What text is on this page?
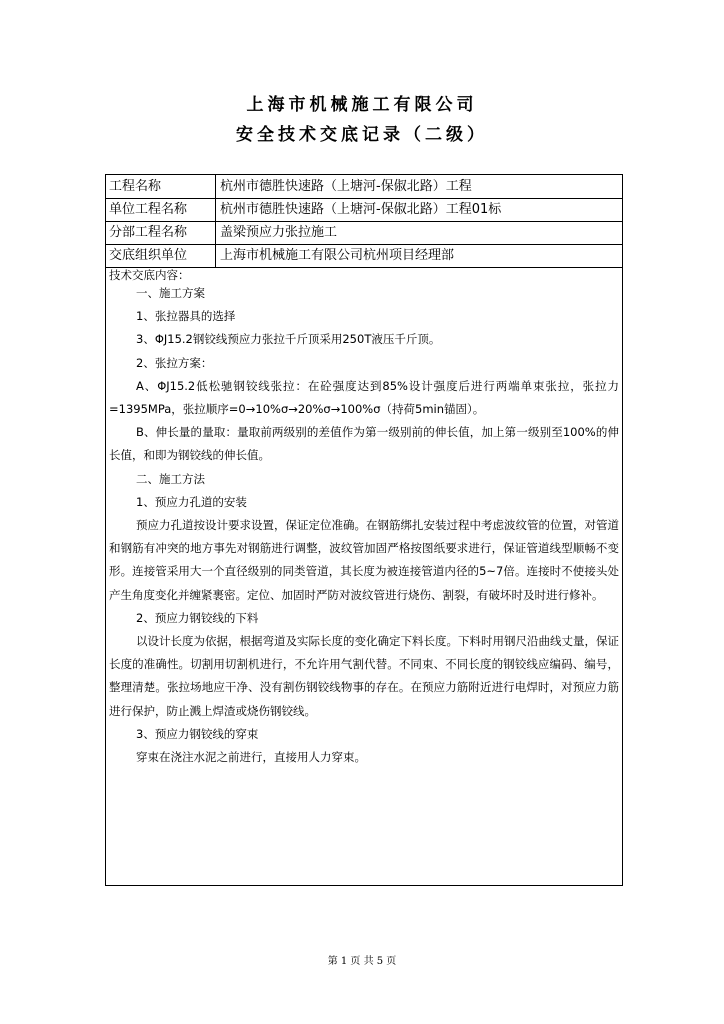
上海市机械施工有限公司
安全技术交底记录（二级）
工程名称	杭州市德胜快速路（上塘河-保俶北路）工程
单位工程名称	杭州市德胜快速路（上塘河-保俶北路）工程01标
分部工程名称	盖梁预应力张拉施工
交底组织单位	上海市机械施工有限公司杭州项目经理部

技术交底内容：

一、施工方案

1、张拉器具的选择

3、ΦJ15.2钢铰线预应力张拉千斤顶采用250T液压千斤顶。

2、张拉方案：

A、ΦJ15.2低松驰钢铰线张拉：在砼强度达到85%设计强度后进行两端单束张拉，张拉力=1395MPa，张拉顺序=0→10%σ→20%σ→100%σ（持荷5min锚固）。

B、伸长量的量取：量取前两级别的差值作为第一级别前的伸长值，加上第一级别至100%的伸长值，和即为钢铰线的伸长值。

二、施工方法

1、预应力孔道的安装

预应力孔道按设计要求设置，保证定位准确。在钢筋绑扎安装过程中考虑波纹管的位置，对管道和钢筋有冲突的地方事先对钢筋进行调整，波纹管加固严格按图纸要求进行，保证管道线型顺畅不变形。连接管采用大一个直径级别的同类管道，其长度为被连接管道内径的5~7倍。连接时不使接头处产生角度变化并缠紧裹密。定位、加固时严防对波纹管进行烧伤、割裂，有破坏时及时进行修补。

2、预应力钢铰线的下料

以设计长度为依据，根据弯道及实际长度的变化确定下料长度。下料时用钢尺沿曲线丈量，保证长度的准确性。切割用切割机进行，不允许用气割代替。不同束、不同长度的钢铰线应编码、编号，整理清楚。张拉场地应干净、没有割伤钢铰线物事的存在。在预应力筋附近进行电焊时，对预应力筋进行保护，防止溅上焊渣或烧伤钢铰线。

3、预应力钢铰线的穿束

穿束在浇注水泥之前进行，直接用人力穿束。

第 1 页 共 5 页
